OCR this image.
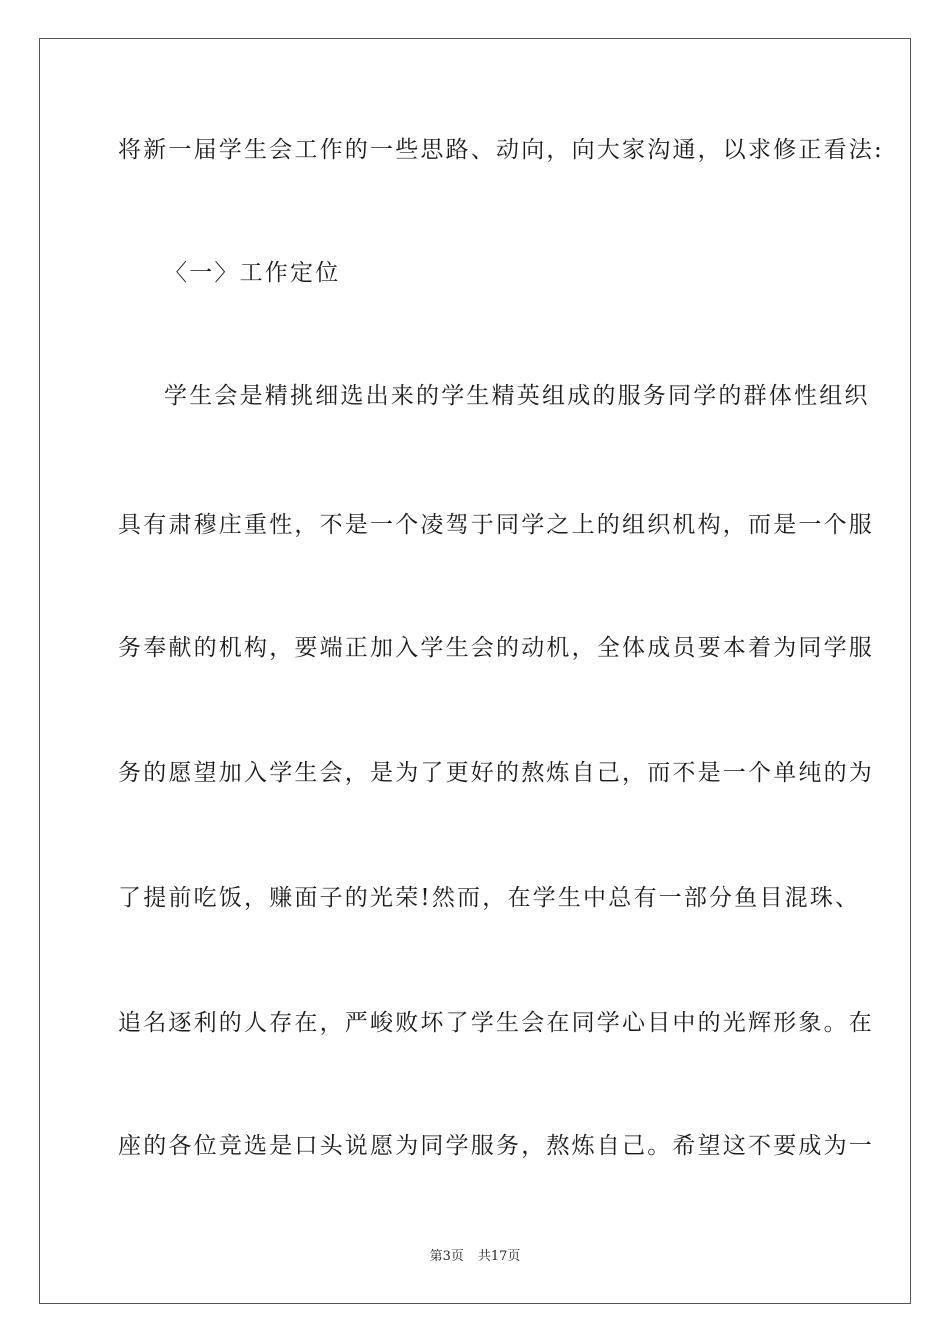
将新一届学生会工作的一些思路、动向，向大家沟通，以求修正看法:
〈一〉工作定位
学生会是精挑细选出来的学生精英组成的服务同学的群体性组织
具有肃穆庄重性，不是一个凌驾于同学之上的组织机构，而是一个服
务奉献的机构，要端正加入学生会的动机，全体成员要本着为同学服
务的愿望加入学生会，是为了更好的熬炼自己，而不是一个单纯的为
了提前吃饭，赚面子的光荣!然而，在学生中总有一部分鱼目混珠、
追名逐利的人存在，严峻败坏了学生会在同学心目中的光辉形象。在
座的各位竞选是口头说愿为同学服务，熬炼自己。希望这不要成为一
第3页 共17页
